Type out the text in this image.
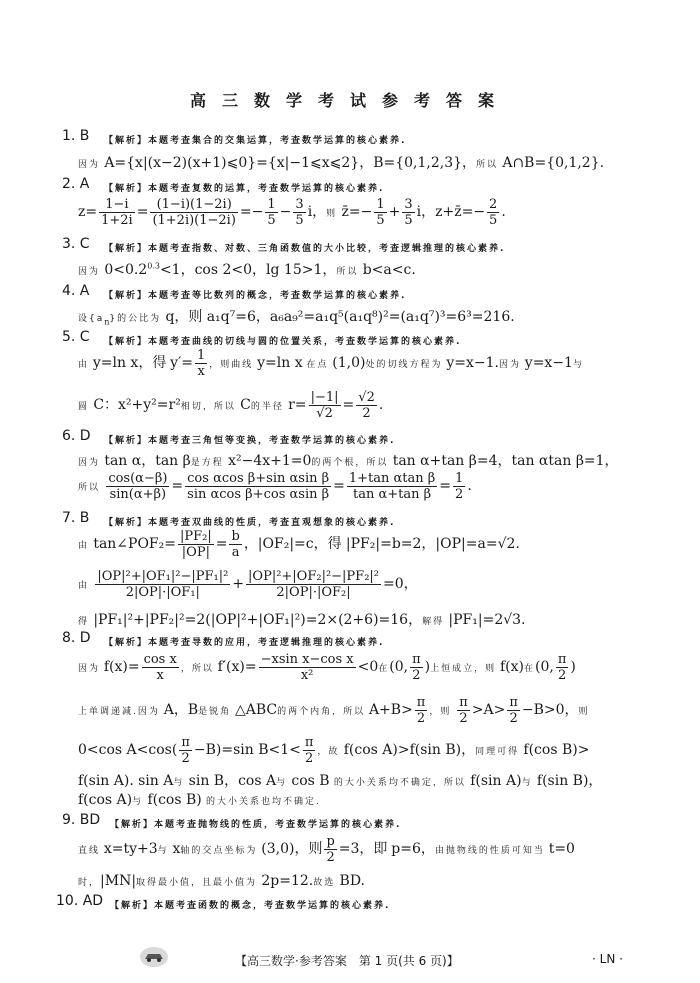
高三数学考试参考答案
1. B 【解析】本题考查集合的交集运算，考查数学运算的核心素养.
因为 A={x|(x−2)(x+1)⩽0}={x|−1⩽x⩽2}，B={0,1,2,3}，所以 A∩B={0,1,2}.
2. A 【解析】本题考查复数的运算，考查数学运算的核心素养.
$z= \frac{1-i}{1+2i} = \frac{(1-i)(1-2i)}{(1+2i)(1-2i)} =- \frac{1}{5} - \frac{3}{5}$ i，则 z̄=− $\frac{1}{5} + \frac{3}{5}$ i，z+z̄=− $\frac{2}{5}$ .
3. C 【解析】本题考查指数、对数、三角函数值的大小比较，考查逻辑推理的核心素养.
因为 $0<0.2^{0.3}<1$，cos 2<0，lg 15>1，所以 b<a<c.
4. A 【解析】本题考查等比数列的概念，考查数学运算的核心素养.
设$\{a_n\}$的公比为 q，则 a₁q⁷=6，a₆a₉²=a₁q⁵(a₁q⁸)²=(a₁q⁷)³=6³=216.
5. C 【解析】本题考查曲线的切线与圆的位置关系，考查数学运算的核心素养.
由 y=ln x，得 $y'= \frac{1}{x}$ ，则曲线 y=ln x 在点 (1,0)处的切线方程为 y=x−1.因为 y=x−1与
圆 C：x²+y²=r²相切，所以 C的半径 $r= \frac{|-1|}{√2} = \frac{√2}{2}$ .
6. D 【解析】本题考查三角恒等变换，考查数学运算的核心素养.
因为 tan α，tan β是方程 x²−4x+1=0的两个根，所以 tan α+tan β=4，tan αtan β=1，
所以 $\frac{\cos(\alpha-\beta)}{\sin(\alpha+\beta)} = \frac{\text{cos αcos β+sin αsin β}}{\text{sin αcos β+cos αsin β}} = \frac{\text{1+tan αtan β}}{\text{tan α+tan β}} = \frac{1}{2}$ .
7. B 【解析】本题考查双曲线的性质，考查直观想象的核心素养.
由 tan∠POF₂= $\frac{\text{|PF₂|}}{|OP|} = \frac{b}{a}$ ，|OF₂|=c，得 |PF₂|=b=2，|OP|=a=√2.
由 $\frac{\text{|OP|²+|OF₁|²−|PF₁|²}}{\text{2|OP|·|OF₁|}} + \frac{\text{|OP|²+|OF₂|²−|PF₂|²}}{\text{2|OP|·|OF₂|}} =0$，
得 |PF₁|²+|PF₂|²=2(|OP|²+|OF₁|²)=2×(2+6)=16，解得 |PF₁|=2√3.
8. D 【解析】本题考查导数的应用，考查逻辑推理的核心素养.
因为 $f(x)= \frac{\text{cos x}}{x}$ ，所以 $f'(x)= \frac{\text{−xsin x−cos x}}{\text{x²}} <0$在(0, $\frac{\pi}{2}$ )上恒成立，则 f(x)在(0, $\frac{\pi}{2}$ )
上单调递减.因为 A，B是锐角 △ABC的两个内角，所以 $A+B> \frac{\pi}{2}$ ，则 $\frac{\pi}{2} >A> \frac{\pi}{2} -B>0$，则
0<cos $A<\cos( \frac{\pi}{2} -B)=\sin$ $B<1< \frac{\pi}{2}$ ，故 f(cos A)>f(sin B)，同理可得 f(cos B)>
f(sin A). sin A与 sin B，cos A与 cos B 的大小关系均不确定，所以 f(sin A)与 f(sin B)，
f(cos A)与 f(cos B) 的大小关系也均不确定.
9. BD 【解析】本题考查抛物线的性质，考查数学运算的核心素养.
直线 x=ty+3与 x轴的交点坐标为 (3,0)，则 $\frac{p}{2} =3$，即 p=6，由抛物线的性质可知当 t=0
时，|MN|取得最小值，且最小值为 2p=12.故选 BD.
10. AD 【解析】本题考查函数的概念，考查数学运算的核心素养.
【高三数学·参考答案　第 1 页(共 6 页)】	· LN ·
